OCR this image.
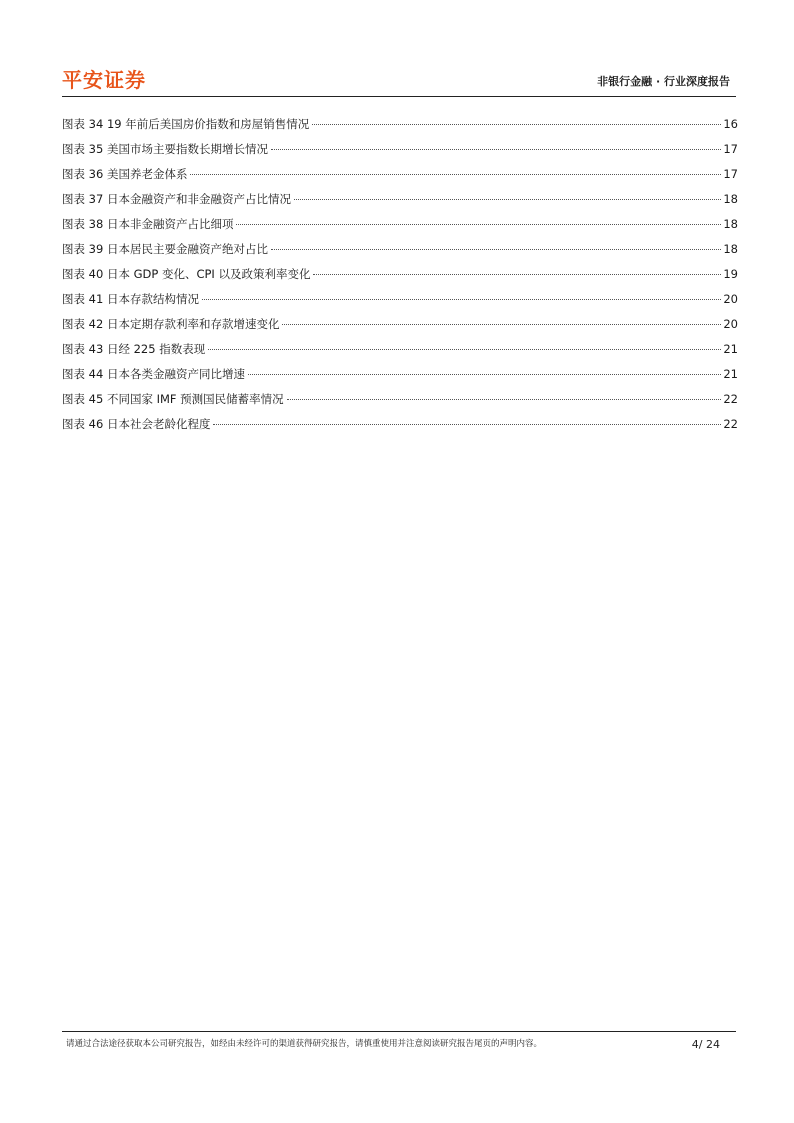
平安证券	非银行金融 · 行业深度报告
图表 34 19 年前后美国房价指数和房屋销售情况	16
图表 35 美国市场主要指数长期增长情况	17
图表 36 美国养老金体系	17
图表 37 日本金融资产和非金融资产占比情况	18
图表 38 日本非金融资产占比细项	18
图表 39 日本居民主要金融资产绝对占比	18
图表 40 日本 GDP 变化、CPI 以及政策利率变化	19
图表 41 日本存款结构情况	20
图表 42 日本定期存款利率和存款增速变化	20
图表 43 日经 225 指数表现	21
图表 44 日本各类金融资产同比增速	21
图表 45 不同国家 IMF 预测国民储蓄率情况	22
图表 46 日本社会老龄化程度	22
请通过合法途径获取本公司研究报告，如经由未经许可的渠道获得研究报告，请慎重使用并注意阅读研究报告尾页的声明内容。	4/ 24
